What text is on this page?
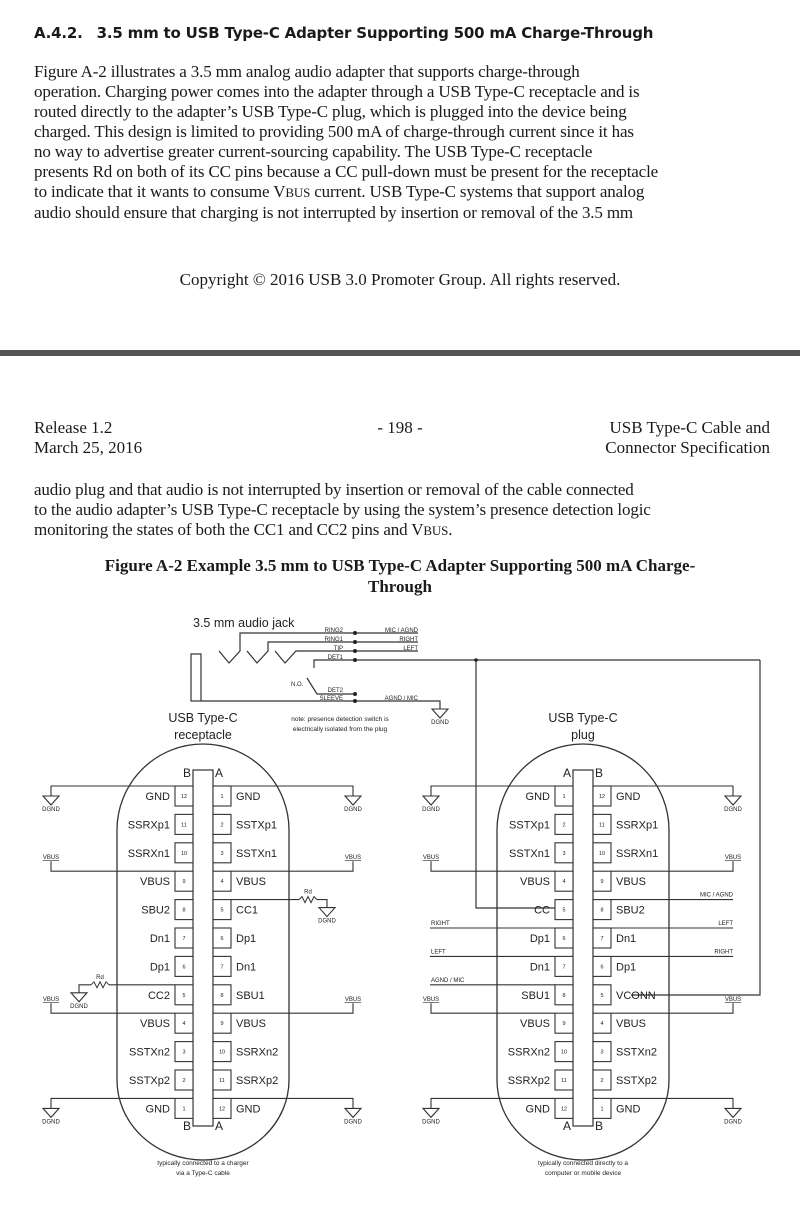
A.4.2. 3.5 mm to USB Type-C Adapter Supporting 500 mA Charge-Through

Figure A-2 illustrates a 3.5 mm analog audio adapter that supports charge-through

operation. Charging power comes into the adapter through a USB Type-C receptacle and is

routed directly to the adapter’s USB Type-C plug, which is plugged into the device being

charged. This design is limited to providing 500 mA of charge-through current since it has

no way to advertise greater current-sourcing capability. The USB Type-C receptacle

presents Rd on both of its CC pins because a CC pull-down must be present for the receptacle

to indicate that it wants to consume VBUS current. USB Type-C systems that support analog

audio should ensure that charging is not interrupted by insertion or removal of the 3.5 mm

Copyright © 2016 USB 3.0 Promoter Group. All rights reserved.
Release 1.2
March 25, 2016
- 198 -	USB Type-C Cable and
Connector Specification

audio plug and that audio is not interrupted by insertion or removal of the cable connected

to the audio adapter’s USB Type-C receptacle by using the system’s presence detection logic

monitoring the states of both the CC1 and CC2 pins and VBUS.

Figure A-2 Example 3.5 mm to USB Type-C Adapter Supporting 500 mA Charge-
Through
3.5 mm audio jack
RING2
RING1
TIP
DET1
DET2
SLEEVE
MIC / AGND
RIGHT
LEFT
AGND / MIC
N.O.
DGND
note: presence detection switch is
electrically isolated from the plug
USB Type-C
receptacle
B A
B A
12
GND	1 GND
11
SSRXp1	2 SSTXp1
10
SSRXn1	3 SSTXn1
9
VBUS	4 VBUS
8
SBU2	5 CC1
7
Dn1	6 Dp1
6
Dp1	7 Dn1
5
CC2	8 SBU1
4
VBUS	9 VBUS
3
SSTXn2	10 SSRXn2
2
SSTXp2	11 SSRXp2
1
GND	12 GND
typically connected to a charger
via a Type-C cable
DGND	DGND
VBUS	VBUS
Rd
DGND
Rd
DGND
VBUS	VBUS
DGND	DGND
USB Type-C
plug
A B
A B
1
GND	12 GND
2
SSTXp1	11 SSRXp1
3
SSTXn1	10 SSRXn1
4
VBUS	9 VBUS
5
CC	8 SBU2
6
Dp1	7 Dn1
7
Dn1	6 Dp1
8
SBU1	5 VCONN
9
VBUS	4 VBUS
10
SSRXn2	3 SSTXn2
11
SSRXp2	2 SSTXp2
12
GND	1 GND
typically connected directly to a
computer or mobile device
DGND	DGND
VBUS	VBUS
VBUS	VBUS
DGND	DGND
RIGHT
LEFT
AGND / MIC
MIC / AGND
LEFT
RIGHT
